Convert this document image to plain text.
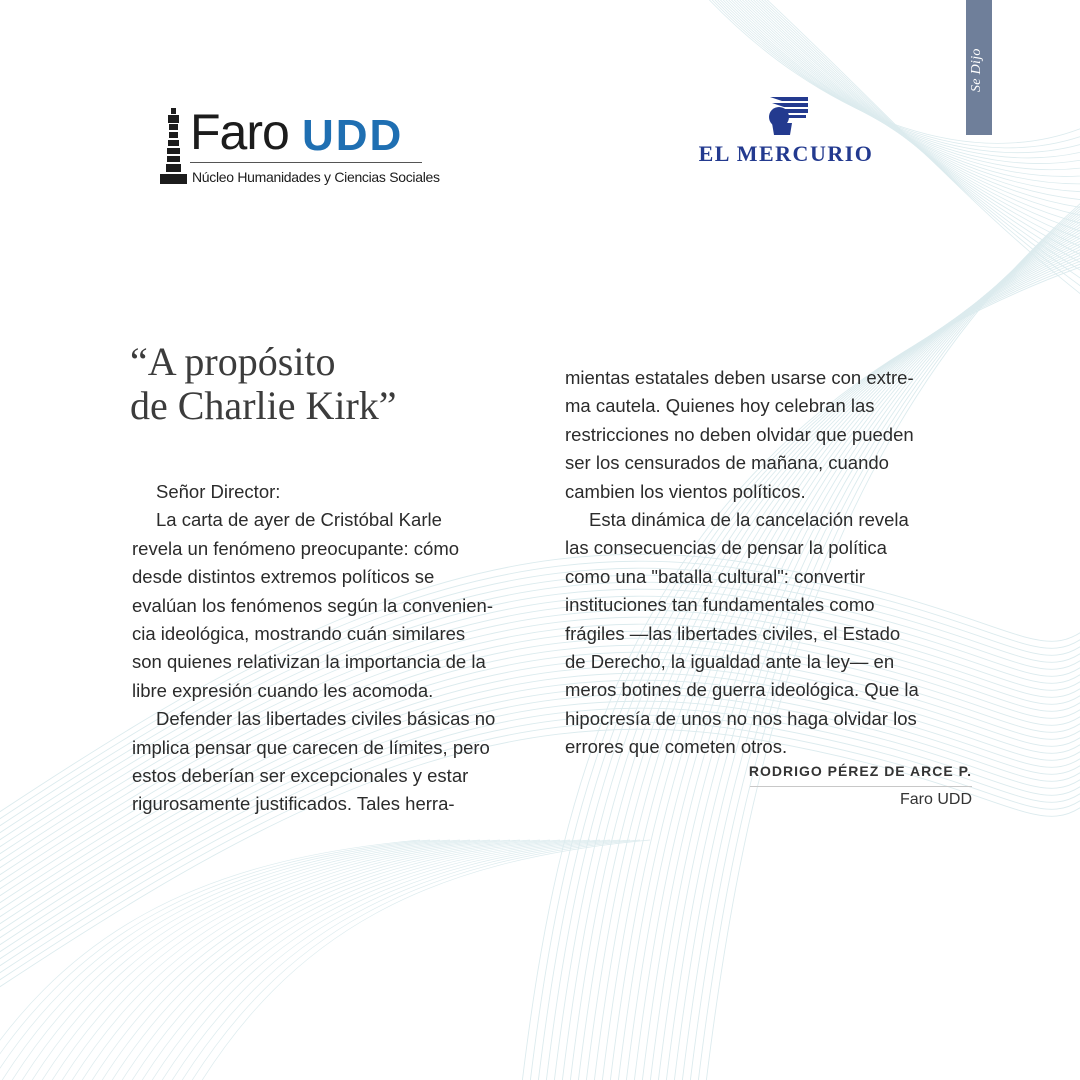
Se Dijo
Faro UDD
Núcleo Humanidades y Ciencias Sociales
EL MERCURIO
“A propósito
de Charlie Kirk”

Señor Director:

La carta de ayer de Cristóbal Karle

revela un fenómeno preocupante: cómo

desde distintos extremos políticos se

evalúan los fenómenos según la convenien-

cia ideológica, mostrando cuán similares

son quienes relativizan la importancia de la

libre expresión cuando les acomoda.

Defender las libertades civiles básicas no

implica pensar que carecen de límites, pero

estos deberían ser excepcionales y estar

rigurosamente justificados. Tales herra-

mientas estatales deben usarse con extre-

ma cautela. Quienes hoy celebran las

restricciones no deben olvidar que pueden

ser los censurados de mañana, cuando

cambien los vientos políticos.

Esta dinámica de la cancelación revela

las consecuencias de pensar la política

como una "batalla cultural": convertir

instituciones tan fundamentales como

frágiles —las libertades civiles, el Estado

de Derecho, la igualdad ante la ley— en

meros botines de guerra ideológica. Que la

hipocresía de unos no nos haga olvidar los

errores que cometen otros.

RODRIGO PÉREZ DE ARCE P.
Faro UDD
